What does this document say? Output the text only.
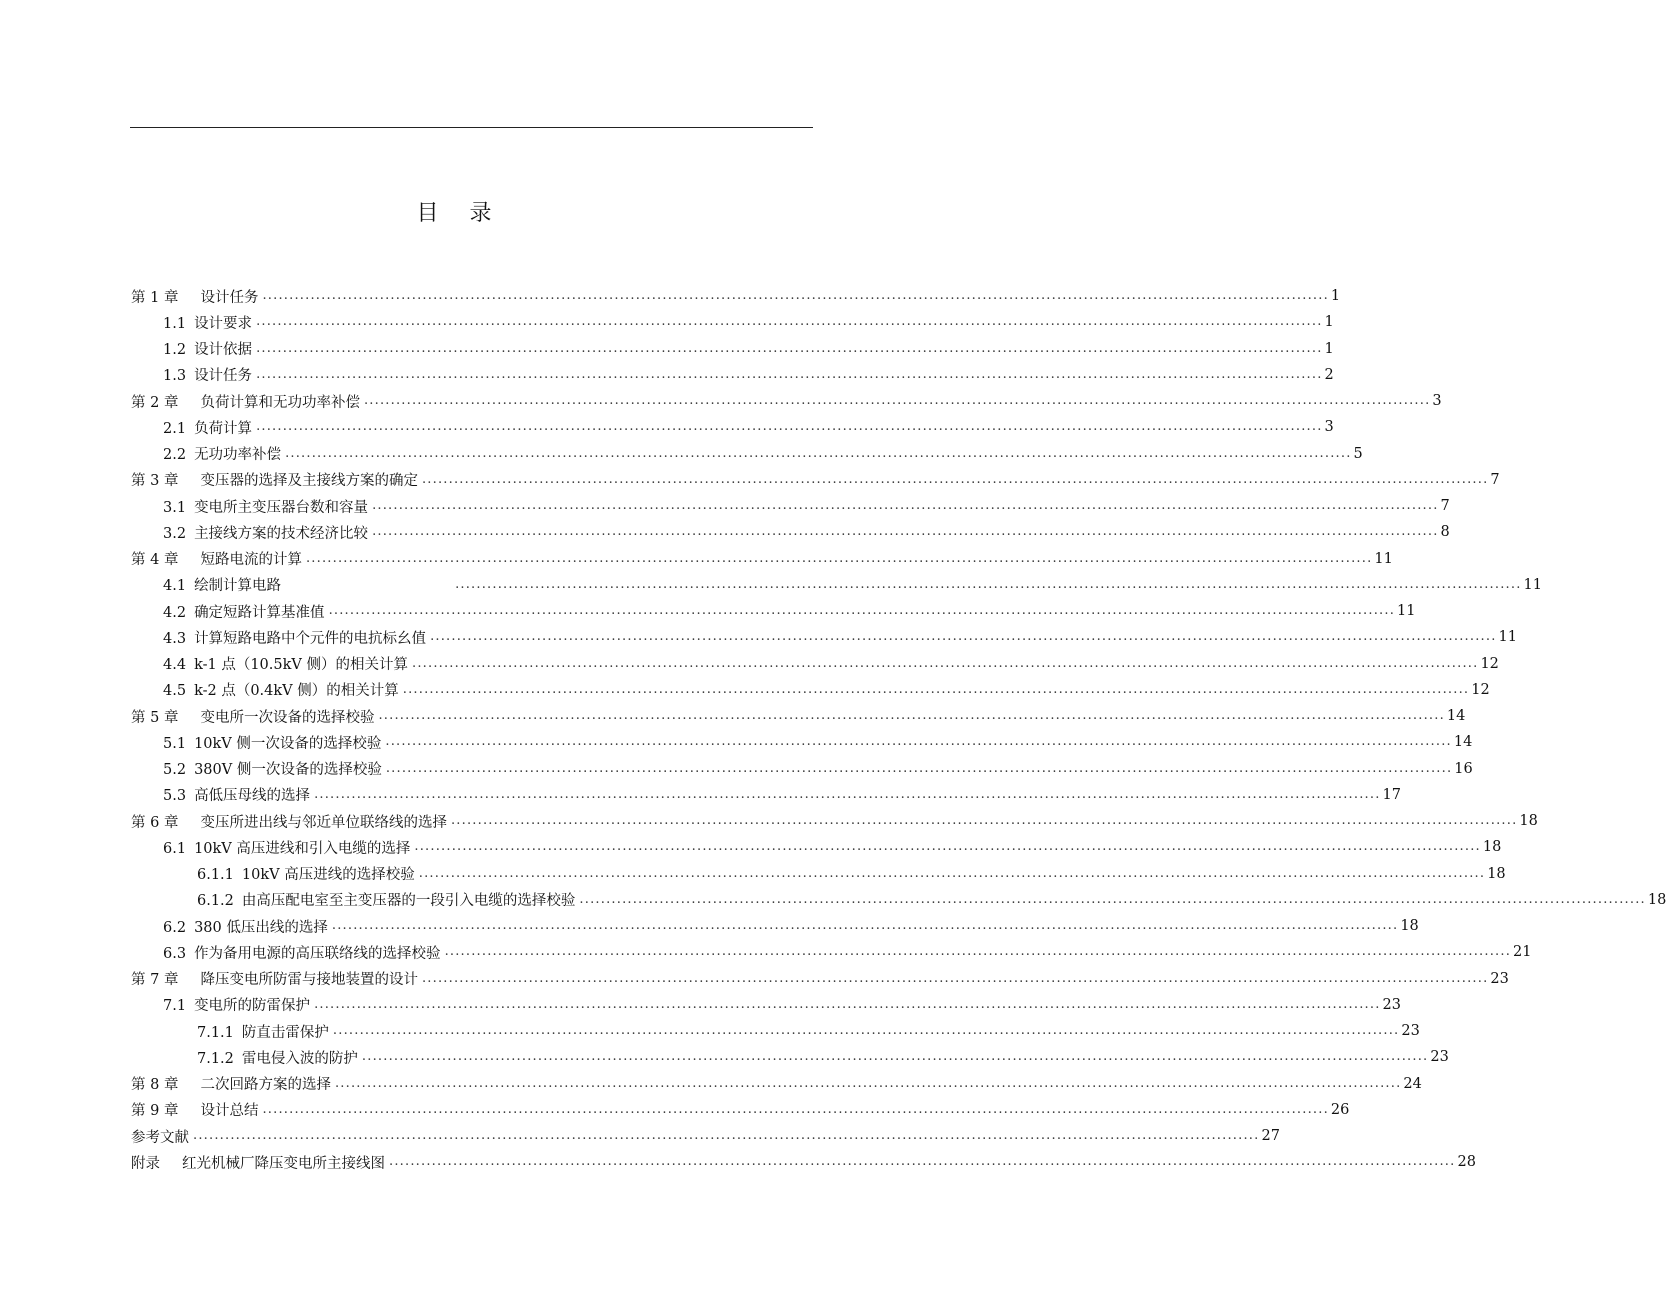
目 录
第 1 章 设计任务 ........................................................................................................................................................................................................ 1
1.1 设计要求 ........................................................................................................................................................................................................ 1
1.2 设计依据 ........................................................................................................................................................................................................ 1
1.3 设计任务 ........................................................................................................................................................................................................ 2
第 2 章 负荷计算和无功功率补偿 ........................................................................................................................................................................................................ 3
2.1 负荷计算 ........................................................................................................................................................................................................ 3
2.2 无功功率补偿 ........................................................................................................................................................................................................ 5
第 3 章 变压器的选择及主接线方案的确定 ........................................................................................................................................................................................................ 7
3.1 变电所主变压器台数和容量 ........................................................................................................................................................................................................ 7
3.2 主接线方案的技术经济比较 ........................................................................................................................................................................................................ 8
第 4 章 短路电流的计算 ........................................................................................................................................................................................................ 11
4.1 绘制计算电路	........................................................................................................................................................................................................ 11
4.2 确定短路计算基准值 ........................................................................................................................................................................................................ 11
4.3 计算短路电路中个元件的电抗标幺值 ........................................................................................................................................................................................................ 11
4.4 k-1 点（10.5kV 侧）的相关计算 ........................................................................................................................................................................................................ 12
4.5 k-2 点（0.4kV 侧）的相关计算 ........................................................................................................................................................................................................ 12
第 5 章 变电所一次设备的选择校验 ........................................................................................................................................................................................................ 14
5.1 10kV 侧一次设备的选择校验 ........................................................................................................................................................................................................ 14
5.2 380V 侧一次设备的选择校验 ........................................................................................................................................................................................................ 16
5.3 高低压母线的选择 ........................................................................................................................................................................................................ 17
第 6 章 变压所进出线与邻近单位联络线的选择 ........................................................................................................................................................................................................ 18
6.1 10kV 高压进线和引入电缆的选择 ........................................................................................................................................................................................................ 18
6.1.1 10kV 高压进线的选择校验 ........................................................................................................................................................................................................ 18
6.1.2 由高压配电室至主变压器的一段引入电缆的选择校验 ........................................................................................................................................................................................................ 18
6.2 380 低压出线的选择 ........................................................................................................................................................................................................ 18
6.3 作为备用电源的高压联络线的选择校验 ........................................................................................................................................................................................................ 21
第 7 章 降压变电所防雷与接地装置的设计 ........................................................................................................................................................................................................ 23
7.1 变电所的防雷保护 ........................................................................................................................................................................................................ 23
7.1.1 防直击雷保护 ........................................................................................................................................................................................................ 23
7.1.2 雷电侵入波的防护 ........................................................................................................................................................................................................ 23
第 8 章 二次回路方案的选择 ........................................................................................................................................................................................................ 24
第 9 章 设计总结 ........................................................................................................................................................................................................ 26
参考文献 ........................................................................................................................................................................................................ 27
附录 红光机械厂降压变电所主接线图 ........................................................................................................................................................................................................ 28
